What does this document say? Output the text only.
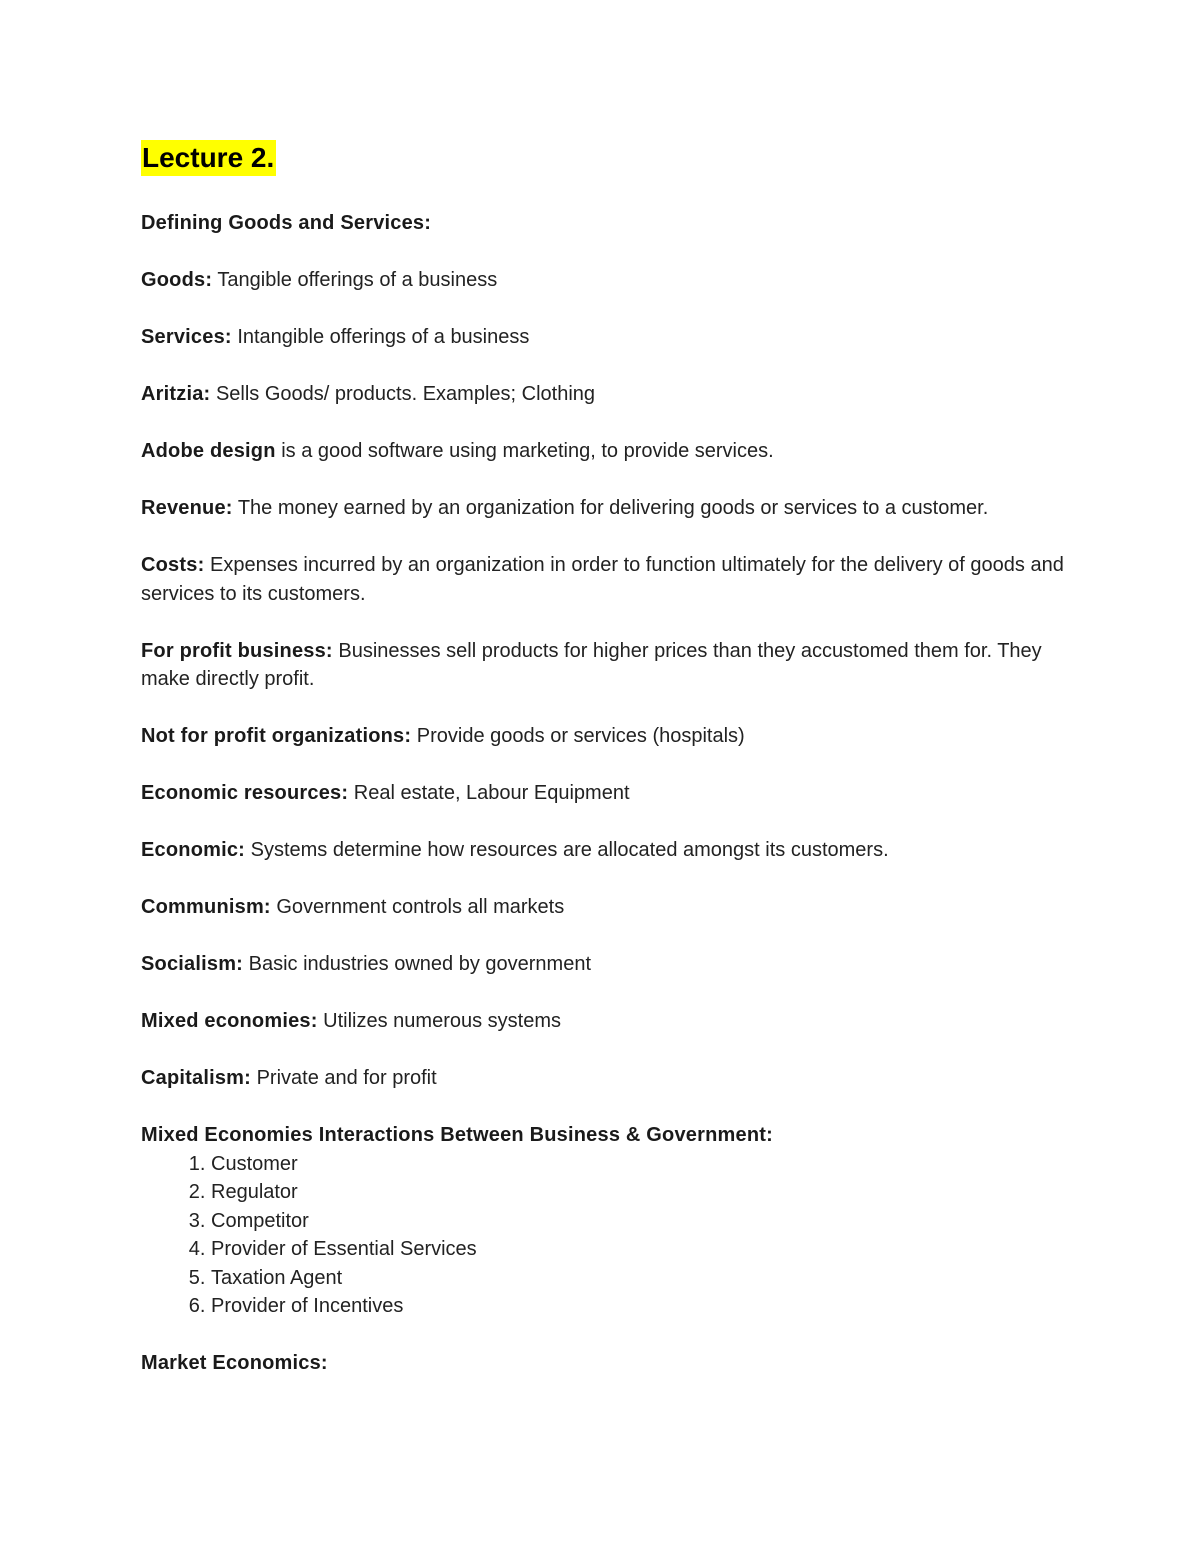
Lecture 2.

Defining Goods and Services:

Goods: Tangible offerings of a business

Services: Intangible offerings of a business

Aritzia: Sells Goods/ products. Examples; Clothing

Adobe design is a good software using marketing, to provide services.

Revenue: The money earned by an organization for delivering goods or services to a customer.

Costs: Expenses incurred by an organization in order to function ultimately for the delivery of goods and services to its customers.

For profit business: Businesses sell products for higher prices than they accustomed them for. They make directly profit.

Not for profit organizations: Provide goods or services (hospitals)

Economic resources: Real estate, Labour Equipment

Economic: Systems determine how resources are allocated amongst its customers.

Communism: Government controls all markets

Socialism: Basic industries owned by government

Mixed economies: Utilizes numerous systems

Capitalism: Private and for profit

Mixed Economies Interactions Between Business & Government:

1. Customer
2. Regulator
3. Competitor
4. Provider of Essential Services
5. Taxation Agent
6. Provider of Incentives

Market Economics:
